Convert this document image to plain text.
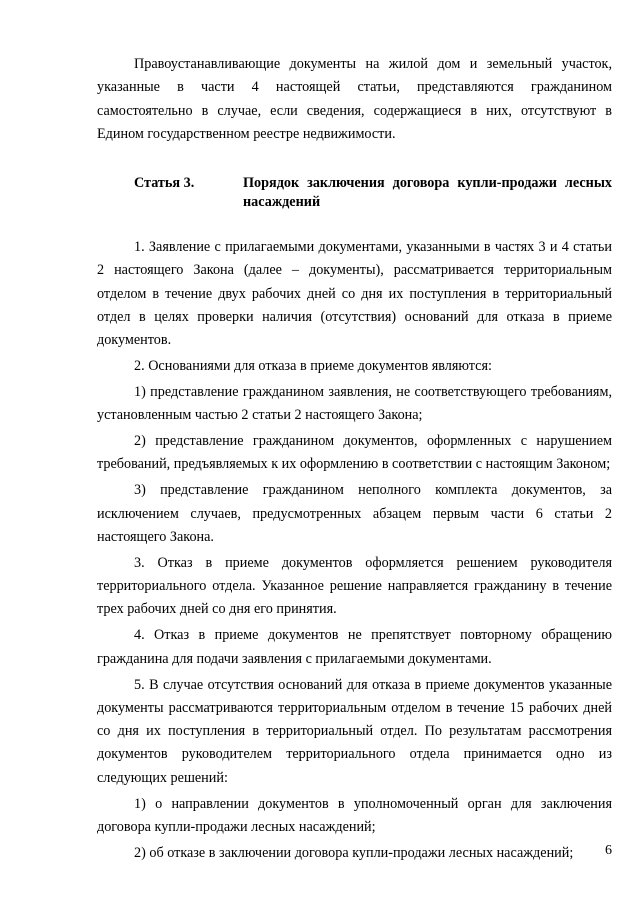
Правоустанавливающие документы на жилой дом и земельный участок, указанные в части 4 настоящей статьи, представляются гражданином самостоятельно в случае, если сведения, содержащиеся в них, отсутствуют в Едином государственном реестре недвижимости.

Статья 3.	Порядок заключения договора купли-продажи лесных насаждений

1. Заявление с прилагаемыми документами, указанными в частях 3 и 4 статьи 2 настоящего Закона (далее – документы), рассматривается территориальным отделом в течение двух рабочих дней со дня их поступления в территориальный отдел в целях проверки наличия (отсутствия) оснований для отказа в приеме документов.

2. Основаниями для отказа в приеме документов являются:

1) представление гражданином заявления, не соответствующего требованиям, установленным частью 2 статьи 2 настоящего Закона;

2) представление гражданином документов, оформленных с нарушением требований, предъявляемых к их оформлению в соответствии с настоящим Законом;

3) представление гражданином неполного комплекта документов, за исключением случаев, предусмотренных абзацем первым части 6 статьи 2 настоящего Закона.

3. Отказ в приеме документов оформляется решением руководителя территориального отдела. Указанное решение направляется гражданину в течение трех рабочих дней со дня его принятия.

4. Отказ в приеме документов не препятствует повторному обращению гражданина для подачи заявления с прилагаемыми документами.

5. В случае отсутствия оснований для отказа в приеме документов указанные документы рассматриваются территориальным отделом в течение 15 рабочих дней со дня их поступления в территориальный отдел. По результатам рассмотрения документов руководителем территориального отдела принимается одно из следующих решений:

1) о направлении документов в уполномоченный орган для заключения договора купли-продажи лесных насаждений;

2) об отказе в заключении договора купли-продажи лесных насаждений;	6
